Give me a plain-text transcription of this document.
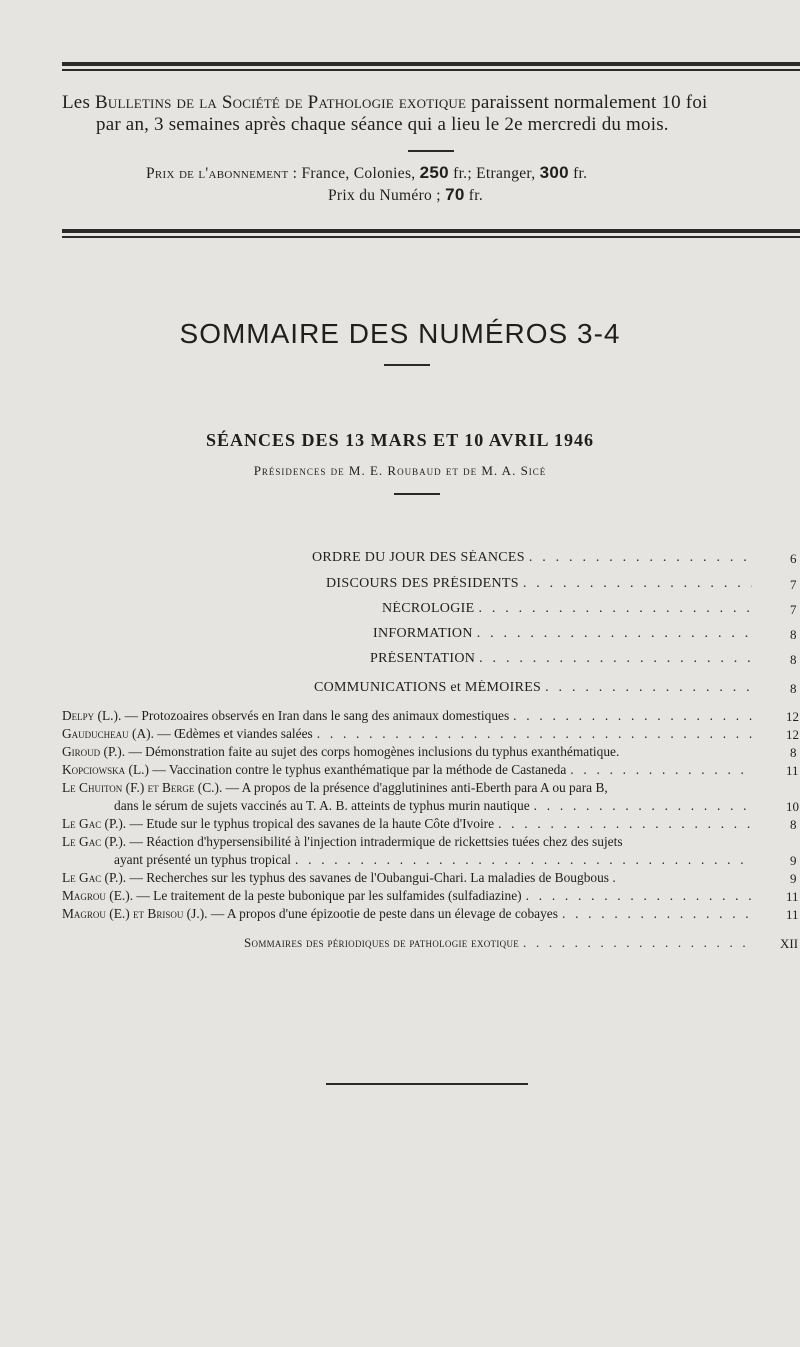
Les Bulletins de la Société de Pathologie exotique paraissent normalement 10 foi
par an, 3 semaines après chaque séance qui a lieu le 2e mercredi du mois.
Prix de l'abonnement : France, Colonies, 250 fr.; Etranger, 300 fr.
Prix du Numéro ; 70 fr.
SOMMAIRE DES NUMÉROS 3-4
SÉANCES DES 13 MARS ET 10 AVRIL 1946
Présidences de M. E. Roubaud et de M. A. Sicé
ORDRE DU JOUR DES SÉANCES . . .	6
DISCOURS DES PRÉSIDENTS . . .	7
NÉCROLOGIE . . .	7
INFORMATION . . .	8
PRÉSENTATION . . .	8
COMMUNICATIONS et MÉMOIRES . . .	8
Delpy (L.). — Protozoaires observés en Iran dans le sang des animaux domestiques . . .	12
Gauducheau (A). — Œdèmes et viandes salées . . .	12
Giroud (P.). — Démonstration faite au sujet des corps homogènes inclusions du typhus exanthématique.	8
Kopciowska (L.) — Vaccination contre le typhus exanthématique par la méthode de Castaneda . . .	11
Le Chuiton (F.) et Berge (C.). — A propos de la présence d'agglutinines anti-Eberth para A ou para B,
dans le sérum de sujets vaccinés au T. A. B. atteints de typhus murin nautique . . .	10
Le Gac (P.). — Etude sur le typhus tropical des savanes de la haute Côte d'Ivoire . . .	8
Le Gac (P.). — Réaction d'hypersensibilité à l'injection intradermique de rickettsies tuées chez des sujets
ayant présenté un typhus tropical . . .	9
Le Gac (P.). — Recherches sur les typhus des savanes de l'Oubangui-Chari. La maladies de Bougbous .	9
Magrou (E.). — Le traitement de la peste bubonique par les sulfamides (sulfadiazine) . . .	11
Magrou (E.) et Brisou (J.). — A propos d'une épizootie de peste dans un élevage de cobayes . . .	11
Sommaires des périodiques de pathologie exotique . . .	XII
